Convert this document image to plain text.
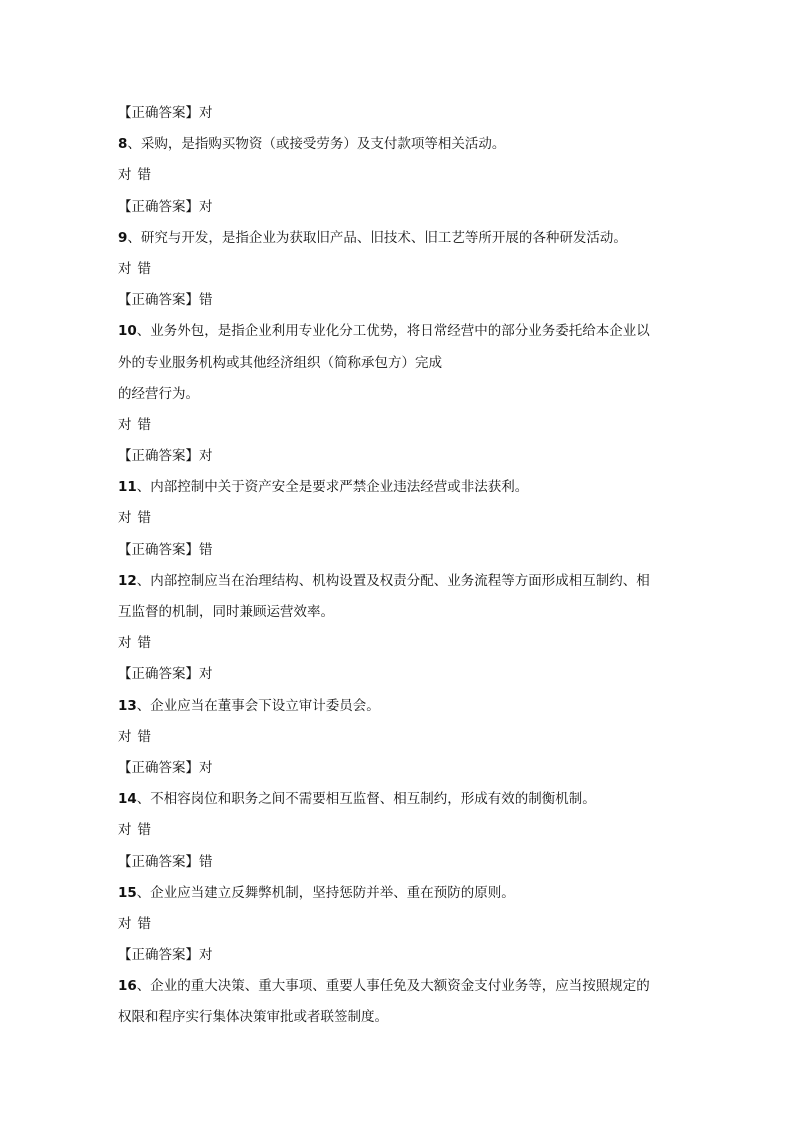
【正确答案】对
8、采购，是指购买物资（或接受劳务）及支付款项等相关活动。
对 错
【正确答案】对
9、研究与开发，是指企业为获取旧产品、旧技术、旧工艺等所开展的各种研发活动。
对 错
【正确答案】错
10、业务外包，是指企业利用专业化分工优势，将日常经营中的部分业务委托给本企业以
外的专业服务机构或其他经济组织（简称承包方）完成
的经营行为。
对 错
【正确答案】对
11、内部控制中关于资产安全是要求严禁企业违法经营或非法获利。
对 错
【正确答案】错
12、内部控制应当在治理结构、机构设置及权责分配、业务流程等方面形成相互制约、相
互监督的机制，同时兼顾运营效率。
对 错
【正确答案】对
13、企业应当在董事会下设立审计委员会。
对 错
【正确答案】对
14、不相容岗位和职务之间不需要相互监督、相互制约，形成有效的制衡机制。
对 错
【正确答案】错
15、企业应当建立反舞弊机制，坚持惩防并举、重在预防的原则。
对 错
【正确答案】对
16、企业的重大决策、重大事项、重要人事任免及大额资金支付业务等，应当按照规定的
权限和程序实行集体决策审批或者联签制度。
